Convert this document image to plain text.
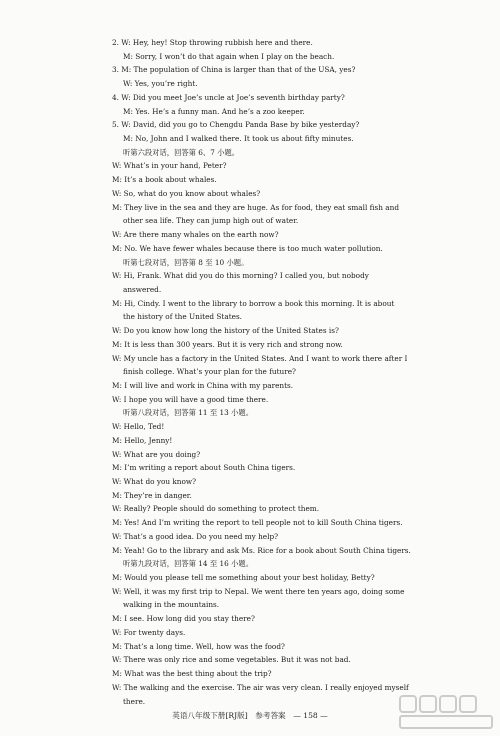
2. W: Hey, hey! Stop throwing rubbish here and there.
M: Sorry, I won’t do that again when I play on the beach.
3. M: The population of China is larger than that of the USA, yes?
W: Yes, you’re right.
4. W: Did you meet Joe’s uncle at Joe’s seventh birthday party?
M: Yes. He’s a funny man. And he’s a zoo keeper.
5. W: David, did you go to Chengdu Panda Base by bike yesterday?
M: No, John and I walked there. It took us about fifty minutes.
听第六段对话，回答第 6、7 小题。
W: What’s in your hand, Peter?
M: It’s a book about whales.
W: So, what do you know about whales?
M: They live in the sea and they are huge. As for food, they eat small fish and
other sea life. They can jump high out of water.
W: Are there many whales on the earth now?
M: No. We have fewer whales because there is too much water pollution.
听第七段对话，回答第 8 至 10 小题。
W: Hi, Frank. What did you do this morning? I called you, but nobody
answered.
M: Hi, Cindy. I went to the library to borrow a book this morning. It is about
the history of the United States.
W: Do you know how long the history of the United States is?
M: It is less than 300 years. But it is very rich and strong now.
W: My uncle has a factory in the United States. And I want to work there after I
finish college. What’s your plan for the future?
M: I will live and work in China with my parents.
W: I hope you will have a good time there.
听第八段对话，回答第 11 至 13 小题。
W: Hello, Ted!
M: Hello, Jenny!
W: What are you doing?
M: I’m writing a report about South China tigers.
W: What do you know?
M: They’re in danger.
W: Really? People should do something to protect them.
M: Yes! And I’m writing the report to tell people not to kill South China tigers.
W: That’s a good idea. Do you need my help?
M: Yeah! Go to the library and ask Ms. Rice for a book about South China tigers.
听第九段对话，回答第 14 至 16 小题。
M: Would you please tell me something about your best holiday, Betty?
W: Well, it was my first trip to Nepal. We went there ten years ago, doing some
walking in the mountains.
M: I see. How long did you stay there?
W: For twenty days.
M: That’s a long time. Well, how was the food?
W: There was only rice and some vegetables. But it was not bad.
M: What was the best thing about the trip?
W: The walking and the exercise. The air was very clean. I really enjoyed myself
there.
英语八年级下册[RJ版]　参考答案　— 158 —
